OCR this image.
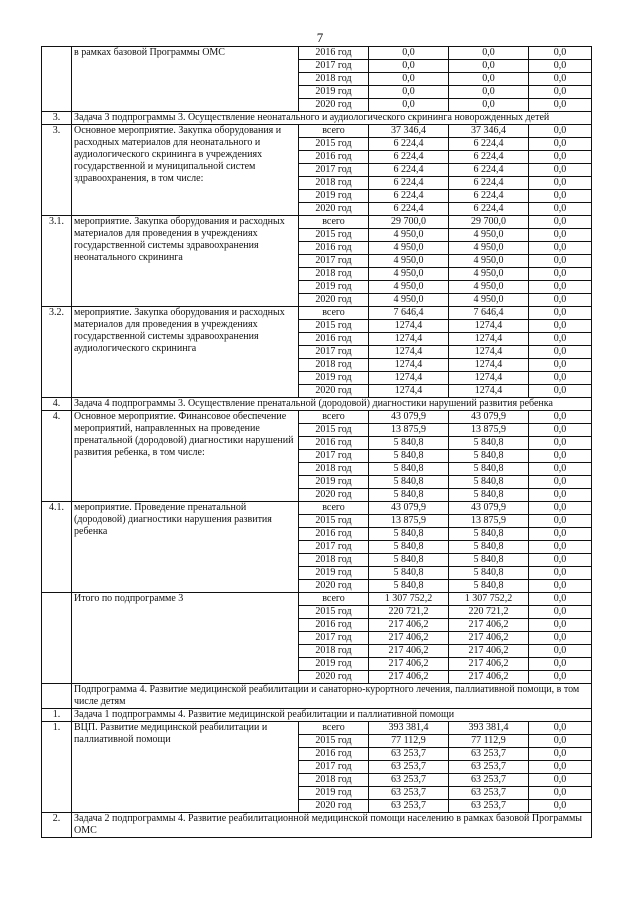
7
	в рамках базовой Программы ОМС	2016 год	0,0	0,0	0,0
		2017 год	0,0	0,0	0,0
		2018 год	0,0	0,0	0,0
		2019 год	0,0	0,0	0,0
		2020 год	0,0	0,0	0,0
3.	Задача 3 подпрограммы 3. Осуществление неонатального и аудиологического скрининга новорожденных детей				
3.	Основное мероприятие. Закупка оборудования и расходных материалов для неонатального и аудиологического скрининга в учреждениях государственной и муниципальной систем здравоохранения, в том числе:	всего	37 346,4	37 346,4	0,0
		2015 год	6 224,4	6 224,4	0,0
		2016 год	6 224,4	6 224,4	0,0
		2017 год	6 224,4	6 224,4	0,0
		2018 год	6 224,4	6 224,4	0,0
		2019 год	6 224,4	6 224,4	0,0
		2020 год	6 224,4	6 224,4	0,0
3.1.	мероприятие. Закупка оборудования и расходных материалов для проведения в учреждениях государственной системы здравоохранения неонатального скрининга	всего	29 700,0	29 700,0	0,0
		2015 год	4 950,0	4 950,0	0,0
		2016 год	4 950,0	4 950,0	0,0
		2017 год	4 950,0	4 950,0	0,0
		2018 год	4 950,0	4 950,0	0,0
		2019 год	4 950,0	4 950,0	0,0
		2020 год	4 950,0	4 950,0	0,0
3.2.	мероприятие. Закупка оборудования и расходных материалов для проведения в учреждениях государственной системы здравоохранения аудиологического скрининга	всего	7 646,4	7 646,4	0,0
		2015 год	1274,4	1274,4	0,0
		2016 год	1274,4	1274,4	0,0
		2017 год	1274,4	1274,4	0,0
		2018 год	1274,4	1274,4	0,0
		2019 год	1274,4	1274,4	0,0
		2020 год	1274,4	1274,4	0,0
4.	Задача 4 подпрограммы 3. Осуществление пренатальной (дородовой) диагностики нарушений развития ребенка				
4.	Основное мероприятие. Финансовое обеспечение мероприятий, направленных на проведение пренатальной (дородовой) диагностики нарушений развития ребенка, в том числе:	всего	43 079,9	43 079,9	0,0
		2015 год	13 875,9	13 875,9	0,0
		2016 год	5 840,8	5 840,8	0,0
		2017 год	5 840,8	5 840,8	0,0
		2018 год	5 840,8	5 840,8	0,0
		2019 год	5 840,8	5 840,8	0,0
		2020 год	5 840,8	5 840,8	0,0
4.1.	мероприятие. Проведение пренатальной (дородовой) диагностики нарушения развития ребенка	всего	43 079,9	43 079,9	0,0
		2015 год	13 875,9	13 875,9	0,0
		2016 год	5 840,8	5 840,8	0,0
		2017 год	5 840,8	5 840,8	0,0
		2018 год	5 840,8	5 840,8	0,0
		2019 год	5 840,8	5 840,8	0,0
		2020 год	5 840,8	5 840,8	0,0
	Итого по подпрограмме 3	всего	1 307 752,2	1 307 752,2	0,0
		2015 год	220 721,2	220 721,2	0,0
		2016 год	217 406,2	217 406,2	0,0
		2017 год	217 406,2	217 406,2	0,0
		2018 год	217 406,2	217 406,2	0,0
		2019 год	217 406,2	217 406,2	0,0
		2020 год	217 406,2	217 406,2	0,0
	Подпрограмма 4. Развитие медицинской реабилитации и санаторно-курортного лечения, паллиативной помощи, в том числе детям				
1.	Задача 1 подпрограммы 4. Развитие медицинской реабилитации и паллиативной помощи				
1.	ВЦП. Развитие медицинской реабилитации и паллиативной помощи	всего	393 381,4	393 381,4	0,0
		2015 год	77 112,9	77 112,9	0,0
		2016 год	63 253,7	63 253,7	0,0
		2017 год	63 253,7	63 253,7	0,0
		2018 год	63 253,7	63 253,7	0,0
		2019 год	63 253,7	63 253,7	0,0
		2020 год	63 253,7	63 253,7	0,0
2.	Задача 2 подпрограммы 4. Развитие реабилитационной медицинской помощи населению в рамках базовой Программы ОМС				
